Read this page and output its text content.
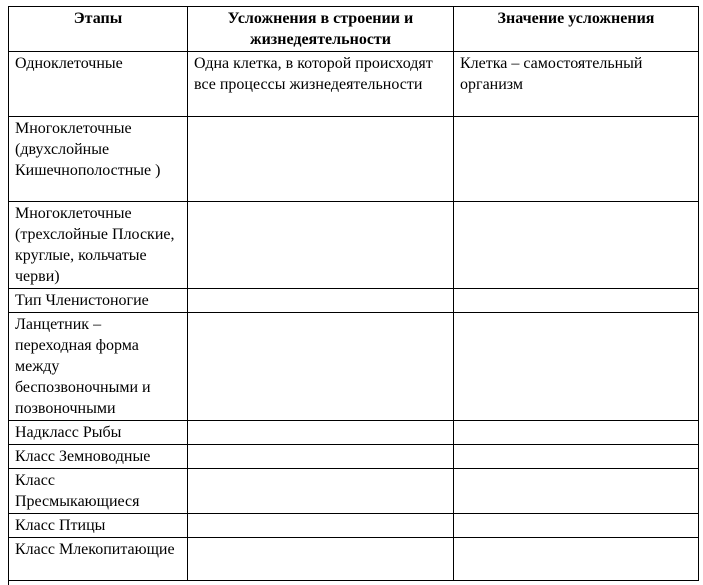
Этапы	Усложнения в строении и жизнедеятельности	Значение усложнения
Одноклеточные	Одна клетка, в которой происходят все процессы жизнедеятельности	Клетка – самостоятельный организм
Многоклеточные (двухслойные Кишечнополостные )		
Многоклеточные (трехслойные Плоские, круглые, кольчатые черви)		
Тип Членистоногие		
Ланцетник – переходная форма между беспозвоночными и позвоночными		
Надкласс Рыбы		
Класс Земноводные		
Класс Пресмыкающиеся		
Класс Птицы		
Класс Млекопитающие		
